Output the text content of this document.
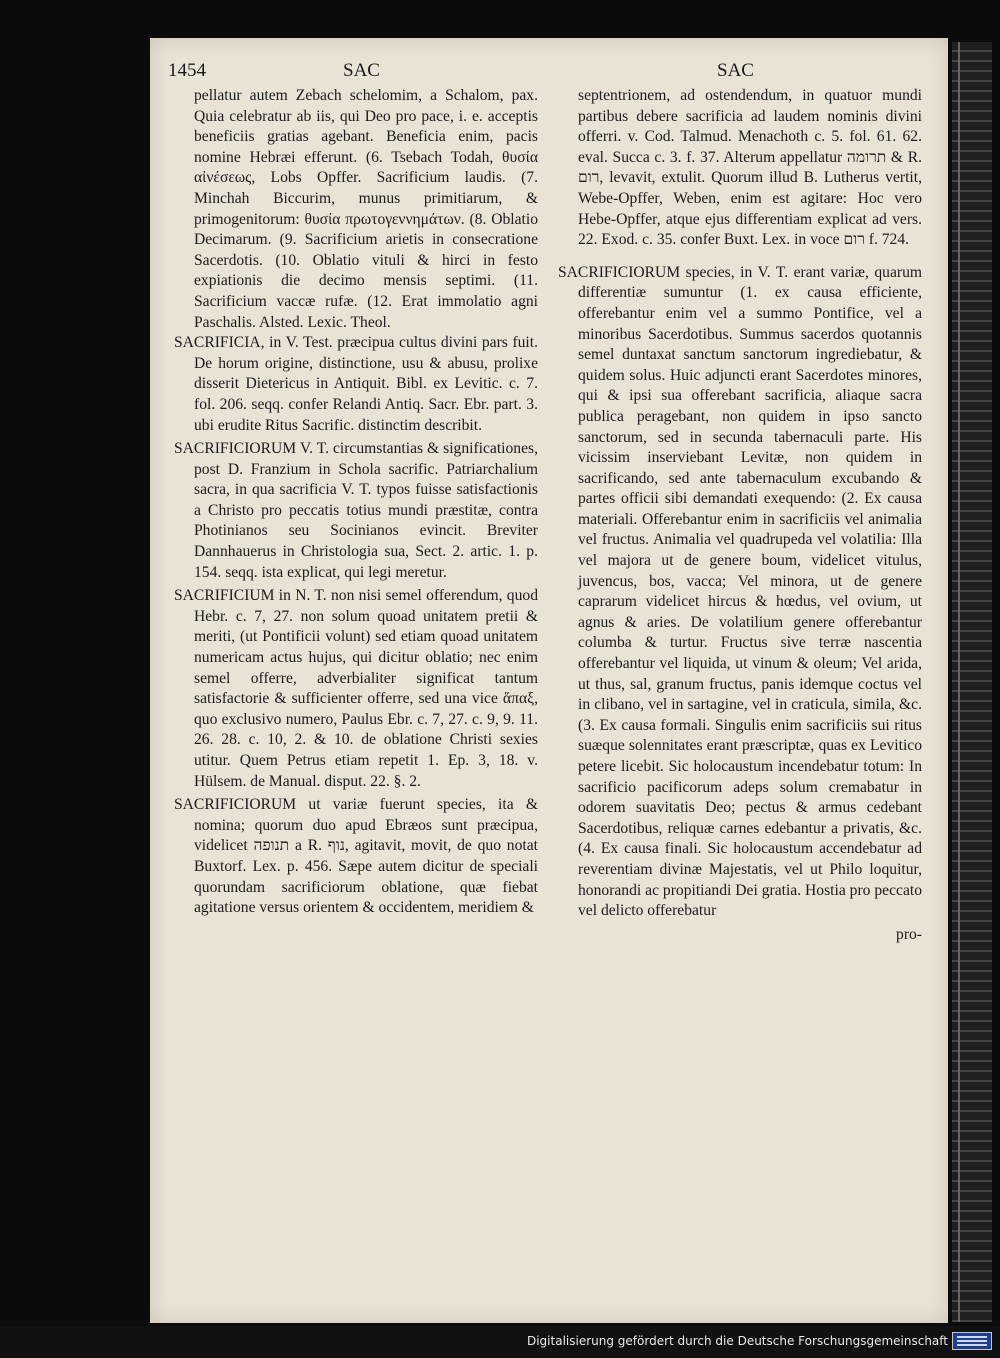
1454	SAC	SAC

pellatur autem Zebach schelomim, a Schalom, pax. Quia celebratur ab iis, qui Deo pro pace, i. e. acceptis beneficiis gratias agebant. Beneficia enim, pacis nomine Hebræi efferunt. (6. Tsebach Todah, θυσία αἰνέσεως, Lobs Opffer. Sacrificium laudis. (7. Minchah Biccurim, munus primitiarum, & primogenitorum: θυσία πρωτογεννημάτων. (8. Oblatio Decimarum. (9. Sacrificium arietis in consecratione Sacerdotis. (10. Oblatio vituli & hirci in festo expiationis die decimo mensis septimi. (11. Sacrificium vaccæ rufæ. (12. Erat immolatio agni Paschalis. Alsted. Lexic. Theol.

SACRIFICIA, in V. Test. præcipua cultus divini pars fuit. De horum origine, distinctione, usu & abusu, prolixe disserit Dietericus in Antiquit. Bibl. ex Levitic. c. 7. fol. 206. seqq. confer Relandi Antiq. Sacr. Ebr. part. 3. ubi erudite Ritus Sacrific. distinctim describit.

SACRIFICIORUM V. T. circumstantias & significationes, post D. Franzium in Schola sacrific. Patriarchalium sacra, in qua sacrificia V. T. typos fuisse satisfactionis a Christo pro peccatis totius mundi præstitæ, contra Photinianos seu Socinianos evincit. Breviter Dannhauerus in Christologia sua, Sect. 2. artic. 1. p. 154. seqq. ista explicat, qui legi meretur.

SACRIFICIUM in N. T. non nisi semel offerendum, quod Hebr. c. 7, 27. non solum quoad unitatem pretii & meriti, (ut Pontificii volunt) sed etiam quoad unitatem numericam actus hujus, qui dicitur oblatio; nec enim semel offerre, adverbialiter significat tantum satisfactorie & sufficienter offerre, sed una vice ἅπαξ, quo exclusivo numero, Paulus Ebr. c. 7, 27. c. 9, 9. 11. 26. 28. c. 10, 2. & 10. de oblatione Christi sexies utitur. Quem Petrus etiam repetit 1. Ep. 3, 18. v. Hülsem. de Manual. disput. 22. §. 2.

SACRIFICIORUM ut variæ fuerunt species, ita & nomina; quorum duo apud Ebræos sunt præcipua, videlicet תנופה a R. נוף, agitavit, movit, de quo notat Buxtorf. Lex. p. 456. Sæpe autem dicitur de speciali quorundam sacrificiorum oblatione, quæ fiebat agitatione versus orientem & occidentem, meridiem &

septentrionem, ad ostendendum, in quatuor mundi partibus debere sacrificia ad laudem nominis divini offerri. v. Cod. Talmud. Menachoth c. 5. fol. 61. 62. eval. Succa c. 3. f. 37. Alterum appellatur תרומה & R. רום, levavit, extulit. Quorum illud B. Lutherus vertit, Webe-Opffer, Weben, enim est agitare: Hoc vero Hebe-Opffer, atque ejus differentiam explicat ad vers. 22. Exod. c. 35. confer Buxt. Lex. in voce רום f. 724.

SACRIFICIORUM species, in V. T. erant variæ, quarum differentiæ sumuntur (1. ex causa efficiente, offerebantur enim vel a summo Pontifice, vel a minoribus Sacerdotibus. Summus sacerdos quotannis semel duntaxat sanctum sanctorum ingrediebatur, & quidem solus. Huic adjuncti erant Sacerdotes minores, qui & ipsi sua offerebant sacrificia, aliaque sacra publica peragebant, non quidem in ipso sancto sanctorum, sed in secunda tabernaculi parte. His vicissim inserviebant Levitæ, non quidem in sacrificando, sed ante tabernaculum excubando & partes officii sibi demandati exequendo: (2. Ex causa materiali. Offerebantur enim in sacrificiis vel animalia vel fructus. Animalia vel quadrupeda vel volatilia: Illa vel majora ut de genere boum, videlicet vitulus, juvencus, bos, vacca; Vel minora, ut de genere caprarum videlicet hircus & hœdus, vel ovium, ut agnus & aries. De volatilium genere offerebantur columba & turtur. Fructus sive terræ nascentia offerebantur vel liquida, ut vinum & oleum; Vel arida, ut thus, sal, granum fructus, panis idemque coctus vel in clibano, vel in sartagine, vel in craticula, simila, &c. (3. Ex causa formali. Singulis enim sacrificiis sui ritus suæque solennitates erant præscriptæ, quas ex Levitico petere licebit. Sic holocaustum incendebatur totum: In sacrificio pacificorum adeps solum cremabatur in odorem suavitatis Deo; pectus & armus cedebant Sacerdotibus, reliquæ carnes edebantur a privatis, &c. (4. Ex causa finali. Sic holocaustum accendebatur ad reverentiam divinæ Majestatis, vel ut Philo loquitur, honorandi ac propitiandi Dei gratia. Hostia pro peccato vel delicto offerebatur

pro-

Digitalisierung gefördert durch die Deutsche Forschungsgemeinschaft
